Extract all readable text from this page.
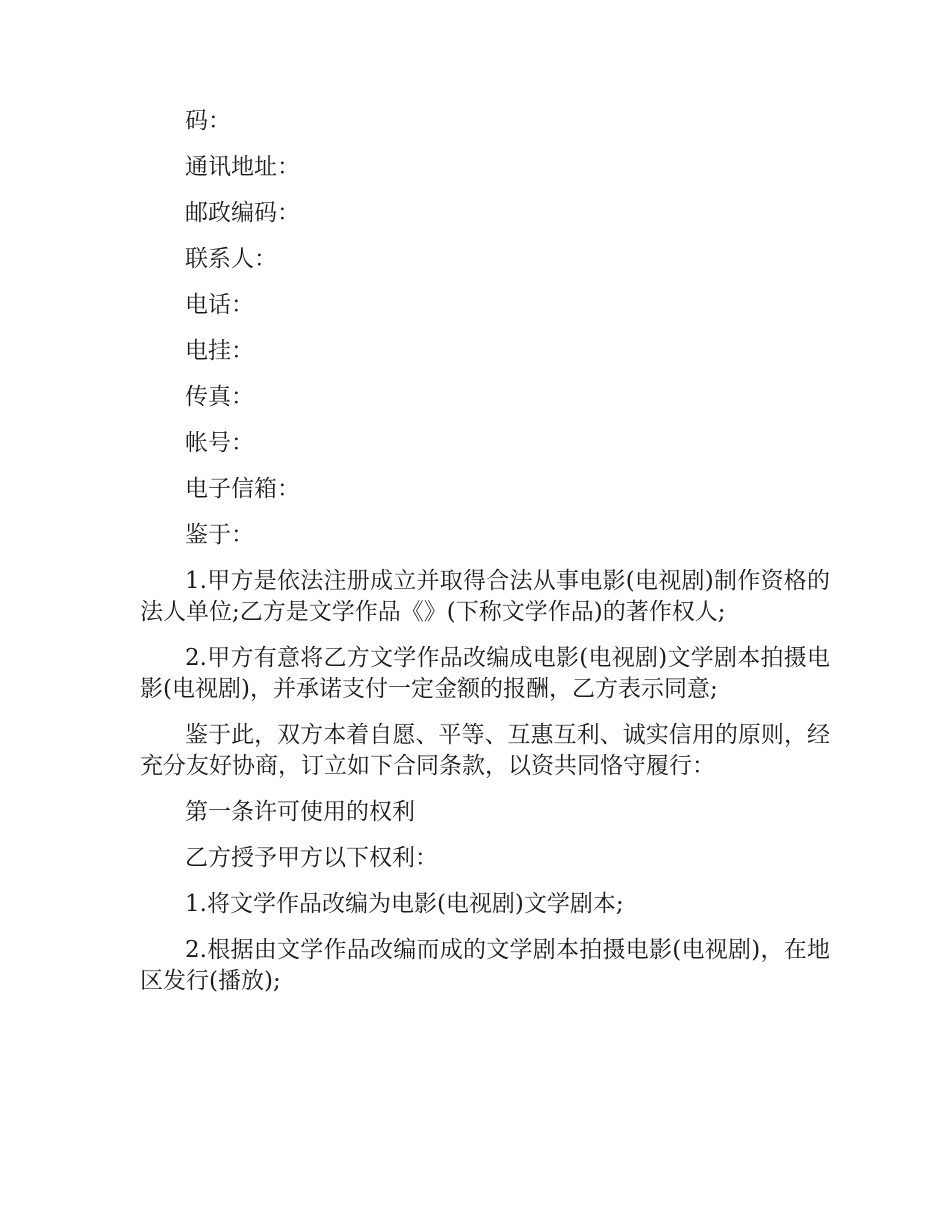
码：

通讯地址：

邮政编码：

联系人：

电话：

电挂：

传真：

帐号：

电子信箱：

鉴于：

1.甲方是依法注册成立并取得合法从事电影(电视剧)制作资格的法人单位;乙方是文学作品《》(下称文学作品)的著作权人;

2.甲方有意将乙方文学作品改编成电影(电视剧)文学剧本拍摄电影(电视剧)，并承诺支付一定金额的报酬，乙方表示同意;

鉴于此，双方本着自愿、平等、互惠互利、诚实信用的原则，经充分友好协商，订立如下合同条款，以资共同恪守履行：

第一条许可使用的权利

乙方授予甲方以下权利：

1.将文学作品改编为电影(电视剧)文学剧本;

2.根据由文学作品改编而成的文学剧本拍摄电影(电视剧)，在地区发行(播放);
